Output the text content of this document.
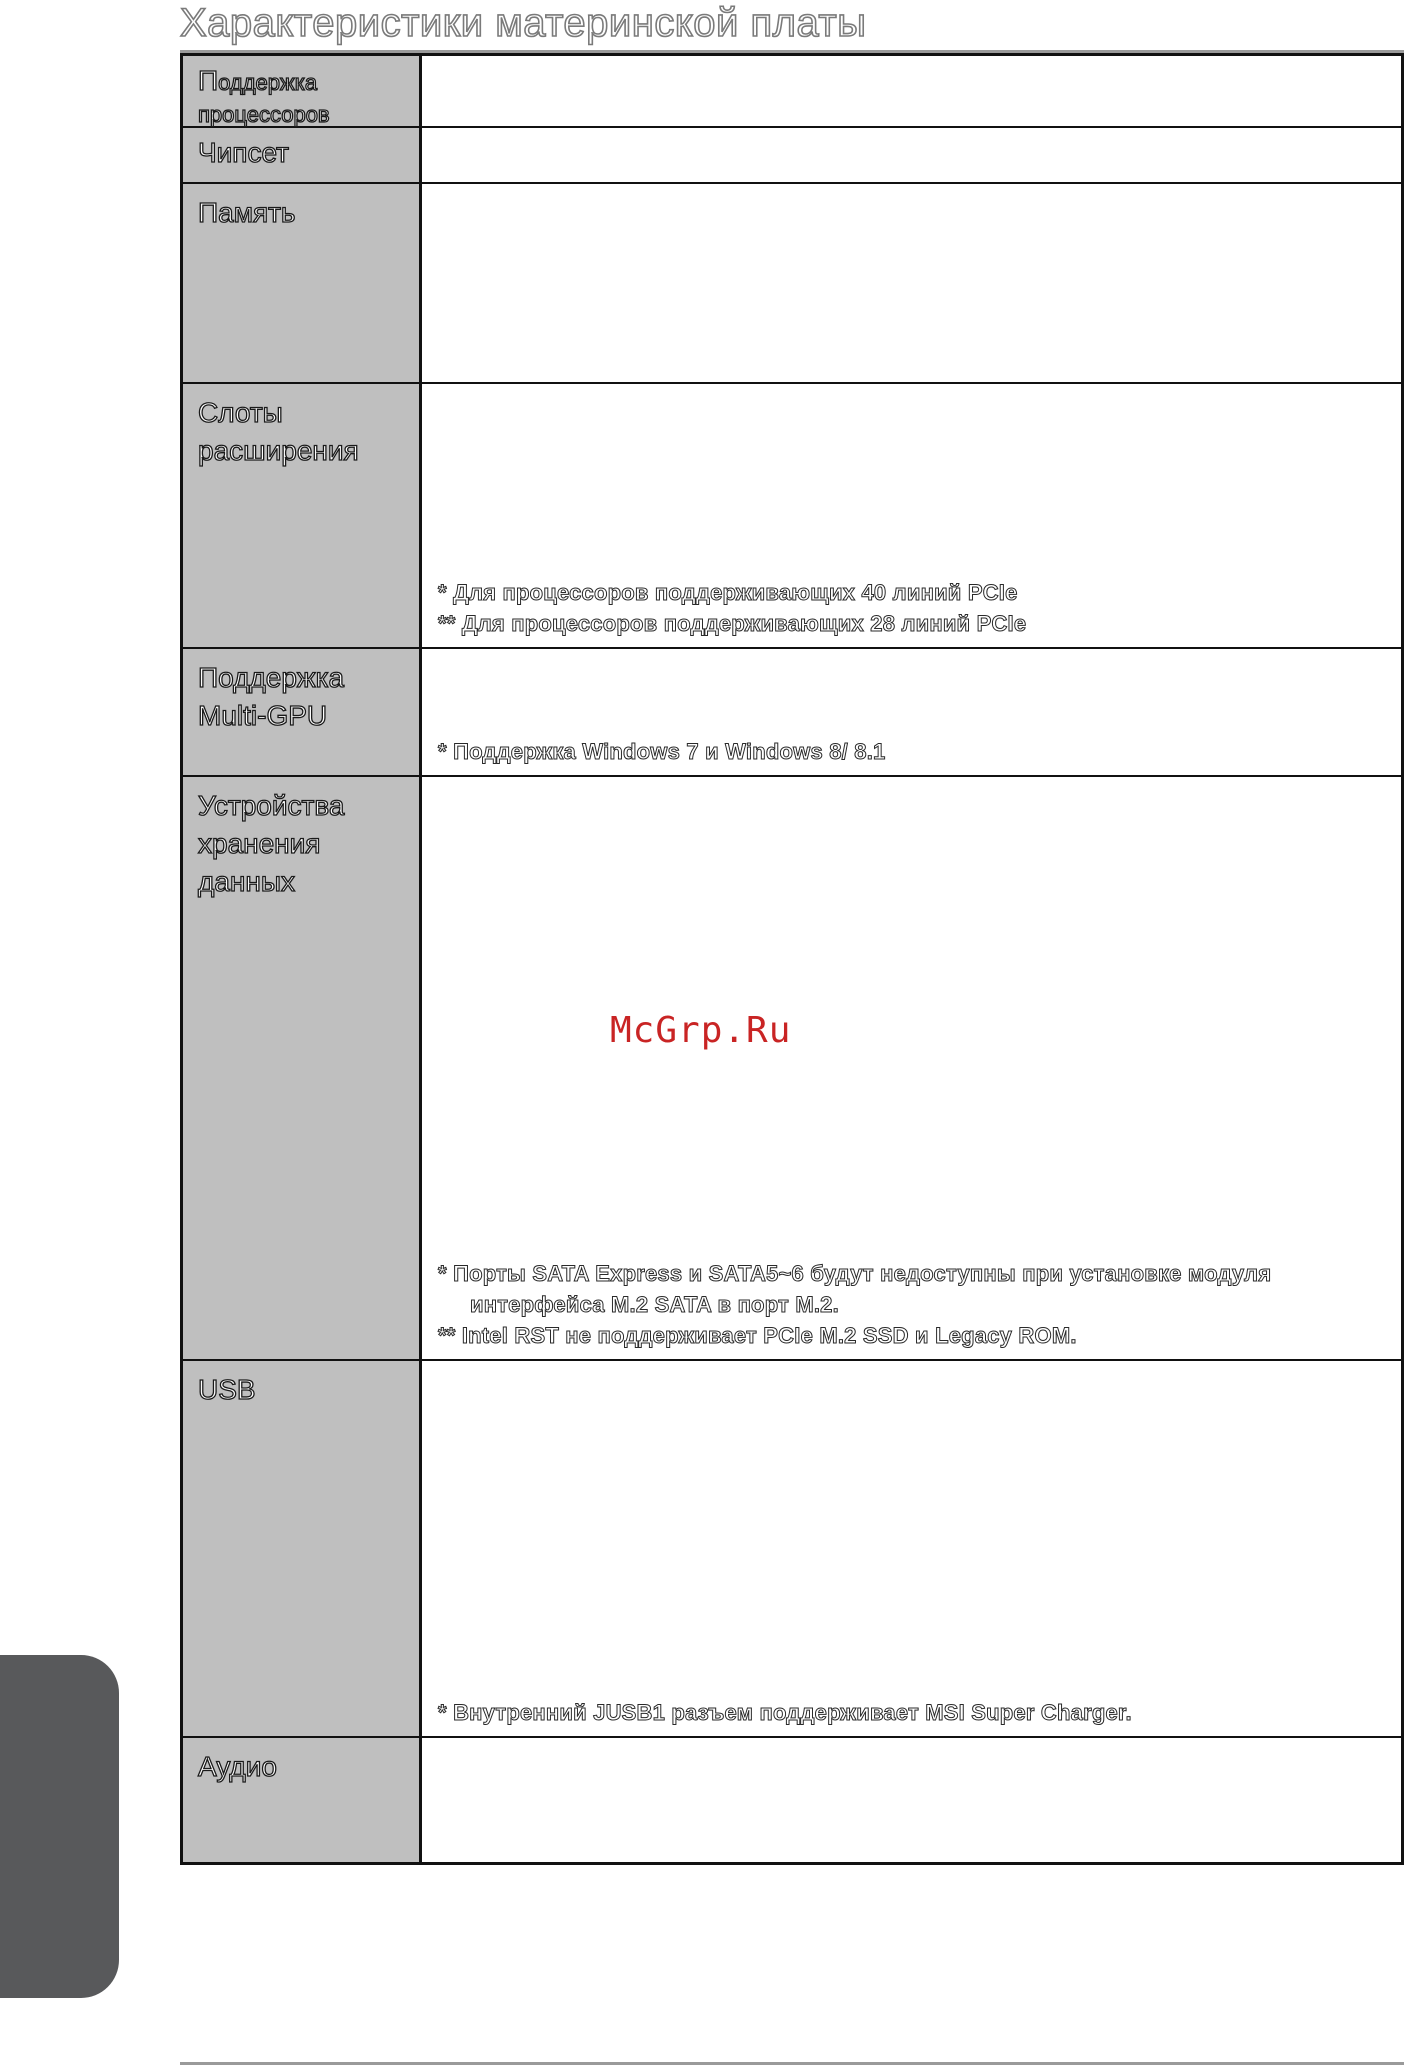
Характеристики материнской платы
Поддержка
процессоров
Чипсет
Память
Слоты
расширения
* Для процессоров поддерживающих 40 линий PCIe
** Для процессоров поддерживающих 28 линий PCIe
Поддержка
Multi-GPU
* Поддержка Windows 7 и Windows 8/ 8.1
Устройства
хранения
данных
* Порты SATA Express и SATA5~6 будут недоступны при установке модуля
интерфейса M.2 SATA в порт M.2.
** Intel RST не поддерживает PCIe M.2 SSD и Legacy ROM.
USB
* Внутренний JUSB1 разъем поддерживает MSI Super Charger.
Аудио
McGrp.Ru
